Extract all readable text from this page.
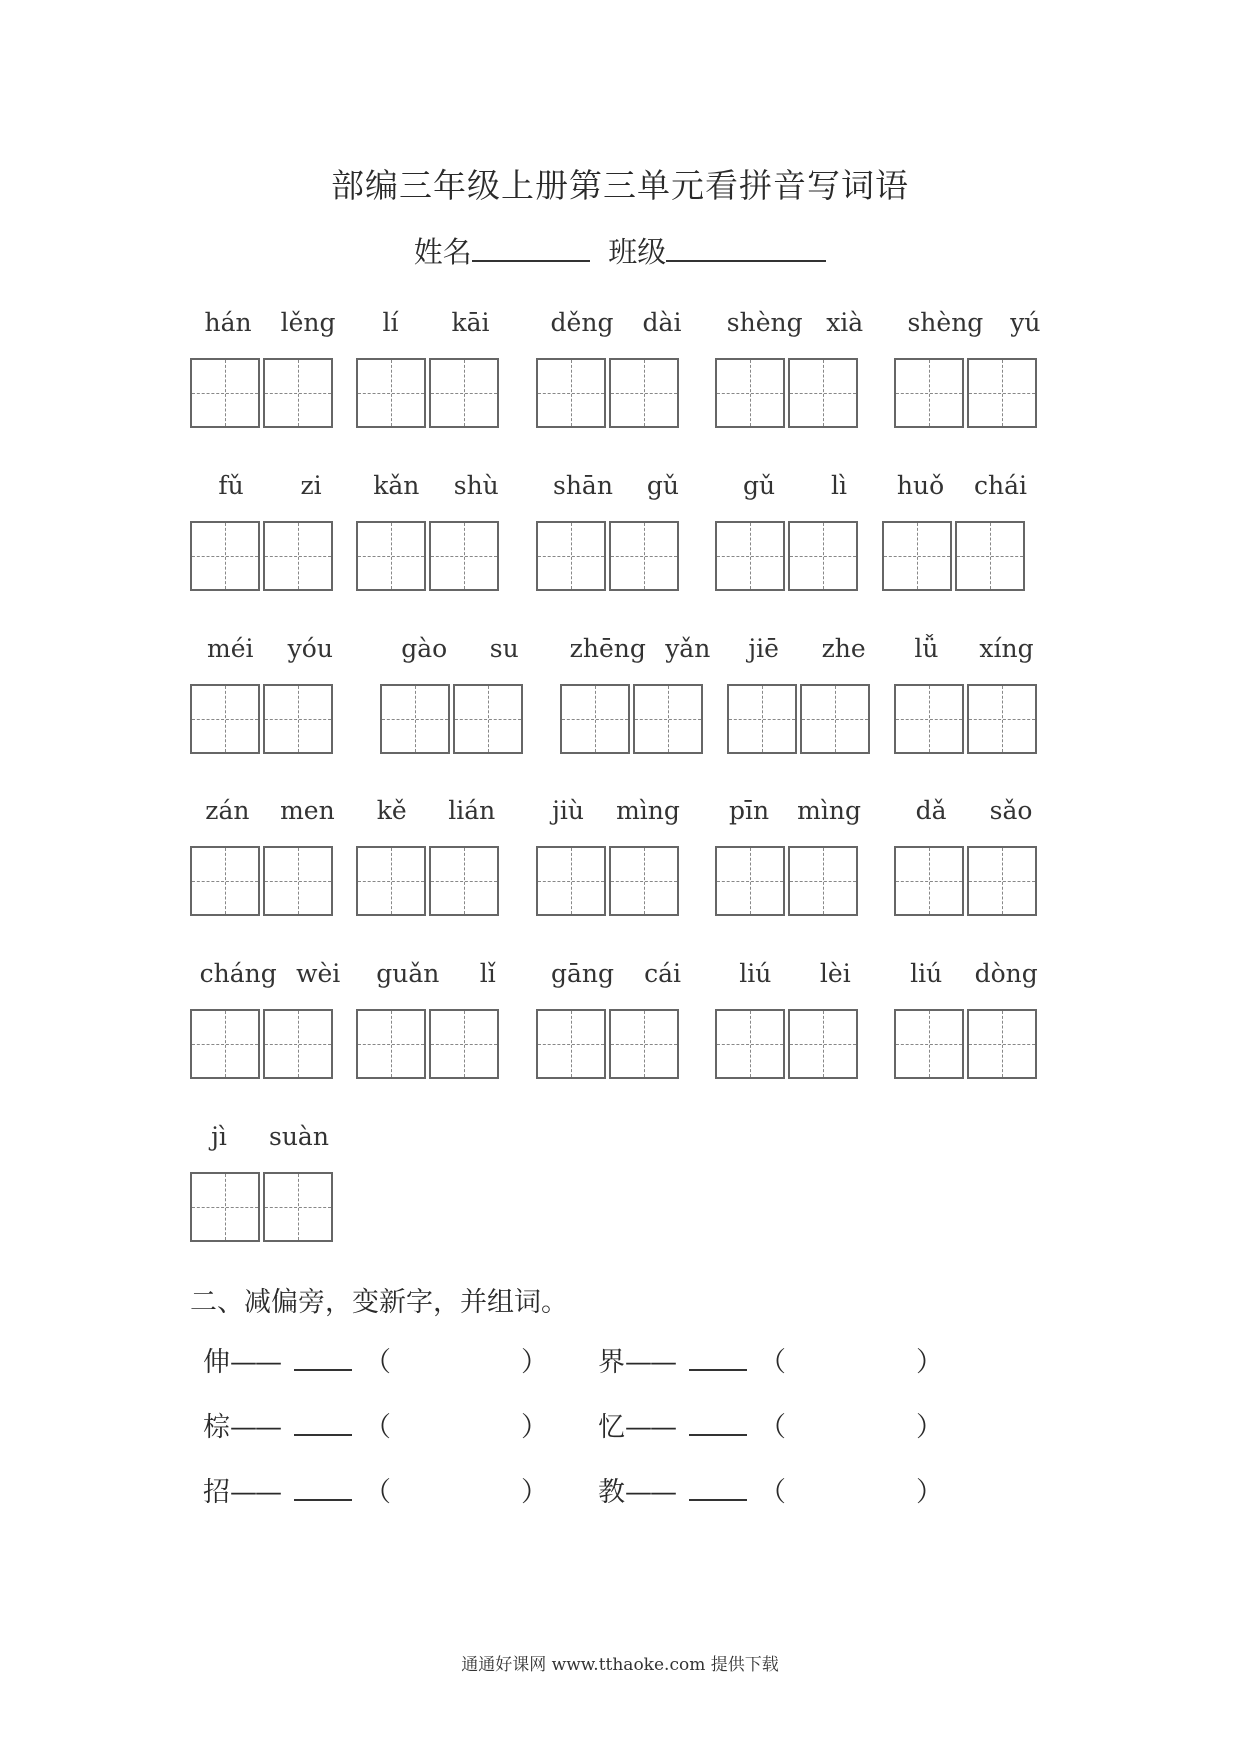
部编三年级上册第三单元看拼音写词语
姓名	班级
hán lěng lí kāi děng dài shèng xià shèng yú
fǔ zi kǎn shù shān gǔ	gǔ lì huǒ chái
méi yóu	gào su zhēng yǎn jiē zhe lǚ xíng
zán men kě lián jiù mìng pīn mìng dǎ sǎo
cháng wèi guǎn lǐ gāng cái liú lèi liú dòng
jì suàn
二、减偏旁，变新字，并组词。
伸——	（	） 界——	（	）
棕——	（	） 忆——	（	）
招——	（	） 教——	（	）
通通好课网 www.tthaoke.com 提供下载
